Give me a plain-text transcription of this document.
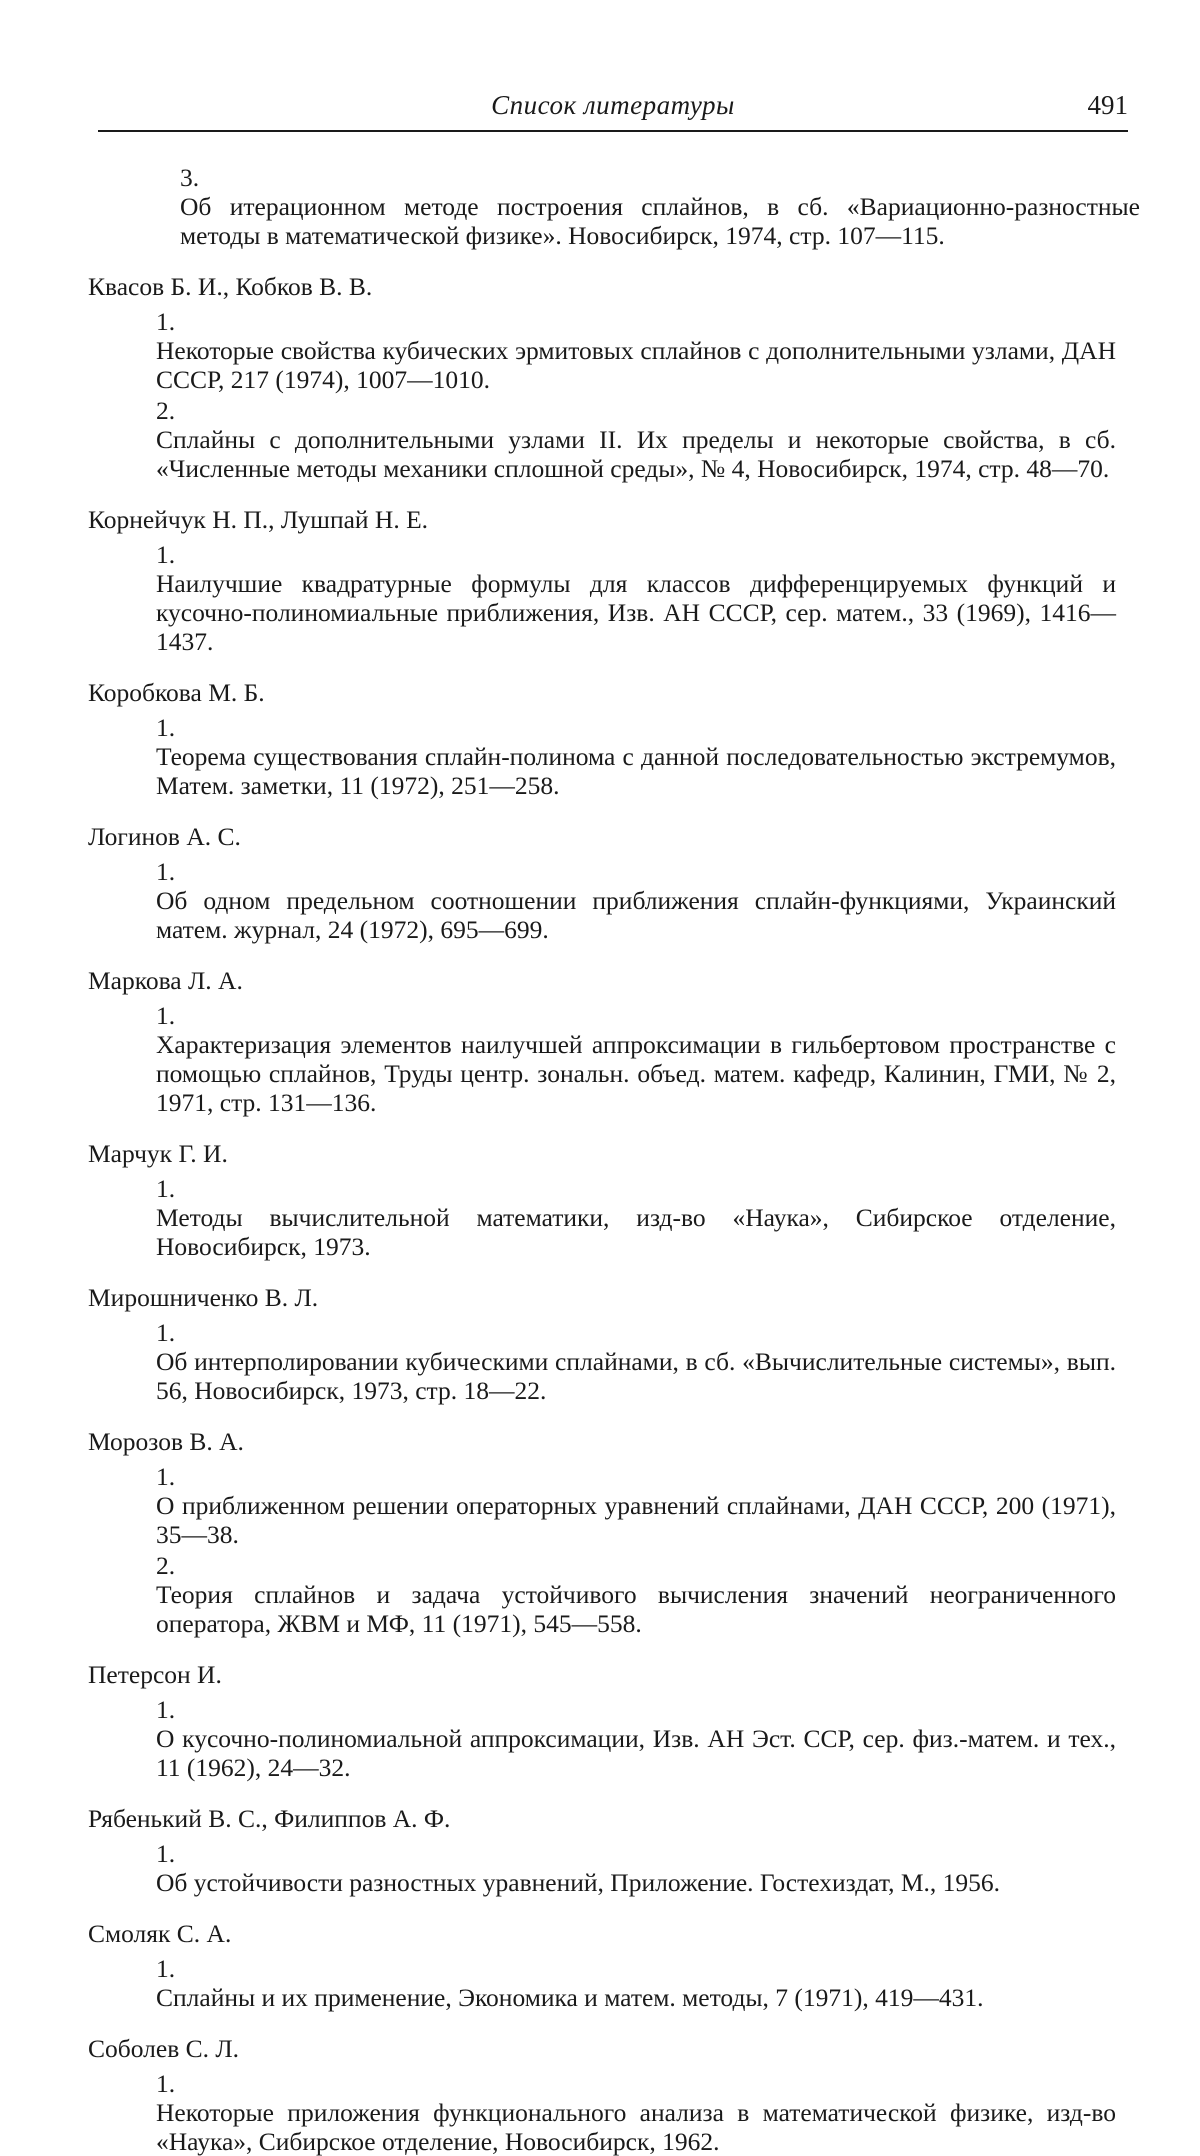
Список литературы	491
3.Об итерационном методе построения сплайнов, в сб. «Вариационно-разностные методы в математической физике». Новосибирск, 1974, стр. 107—115.
Квасов Б. И., Кобков В. В.
1.Некоторые свойства кубических эрмитовых сплайнов с дополнительными узлами, ДАН СССР, 217 (1974), 1007—1010.
2.Сплайны с дополнительными узлами II. Их пределы и некоторые свойства, в сб. «Численные методы механики сплошной среды», № 4, Новосибирск, 1974, стр. 48—70.
Корнейчук Н. П., Лушпай Н. Е.
1.Наилучшие квадратурные формулы для классов дифференцируемых функций и кусочно-полиномиальные приближения, Изв. АН СССР, сер. матем., 33 (1969), 1416—1437.
Коробкова М. Б.
1.Теорема существования сплайн-полинома с данной последовательностью экстремумов, Матем. заметки, 11 (1972), 251—258.
Логинов А. С.
1.Об одном предельном соотношении приближения сплайн-функциями, Украинский матем. журнал, 24 (1972), 695—699.
Маркова Л. А.
1.Характеризация элементов наилучшей аппроксимации в гильбертовом пространстве с помощью сплайнов, Труды центр. зональн. объед. матем. кафедр, Калинин, ГМИ, № 2, 1971, стр. 131—136.
Марчук Г. И.
1.Методы вычислительной математики, изд-во «Наука», Сибирское отделение, Новосибирск, 1973.
Мирошниченко В. Л.
1.Об интерполировании кубическими сплайнами, в сб. «Вычислительные системы», вып. 56, Новосибирск, 1973, стр. 18—22.
Морозов В. А.
1.О приближенном решении операторных уравнений сплайнами, ДАН СССР, 200 (1971), 35—38.
2.Теория сплайнов и задача устойчивого вычисления значений неограниченного оператора, ЖВМ и МФ, 11 (1971), 545—558.
Петерсон И.
1.О кусочно-полиномиальной аппроксимации, Изв. АН Эст. ССР, сер. физ.-матем. и тех., 11 (1962), 24—32.
Рябенький В. С., Филиппов А. Ф.
1.Об устойчивости разностных уравнений, Приложение. Гостехиздат, М., 1956.
Смоляк С. А.
1.Сплайны и их применение, Экономика и матем. методы, 7 (1971), 419—431.
Соболев С. Л.
1.Некоторые приложения функционального анализа в математической физике, изд-во «Наука», Сибирское отделение, Новосибирск, 1962.
